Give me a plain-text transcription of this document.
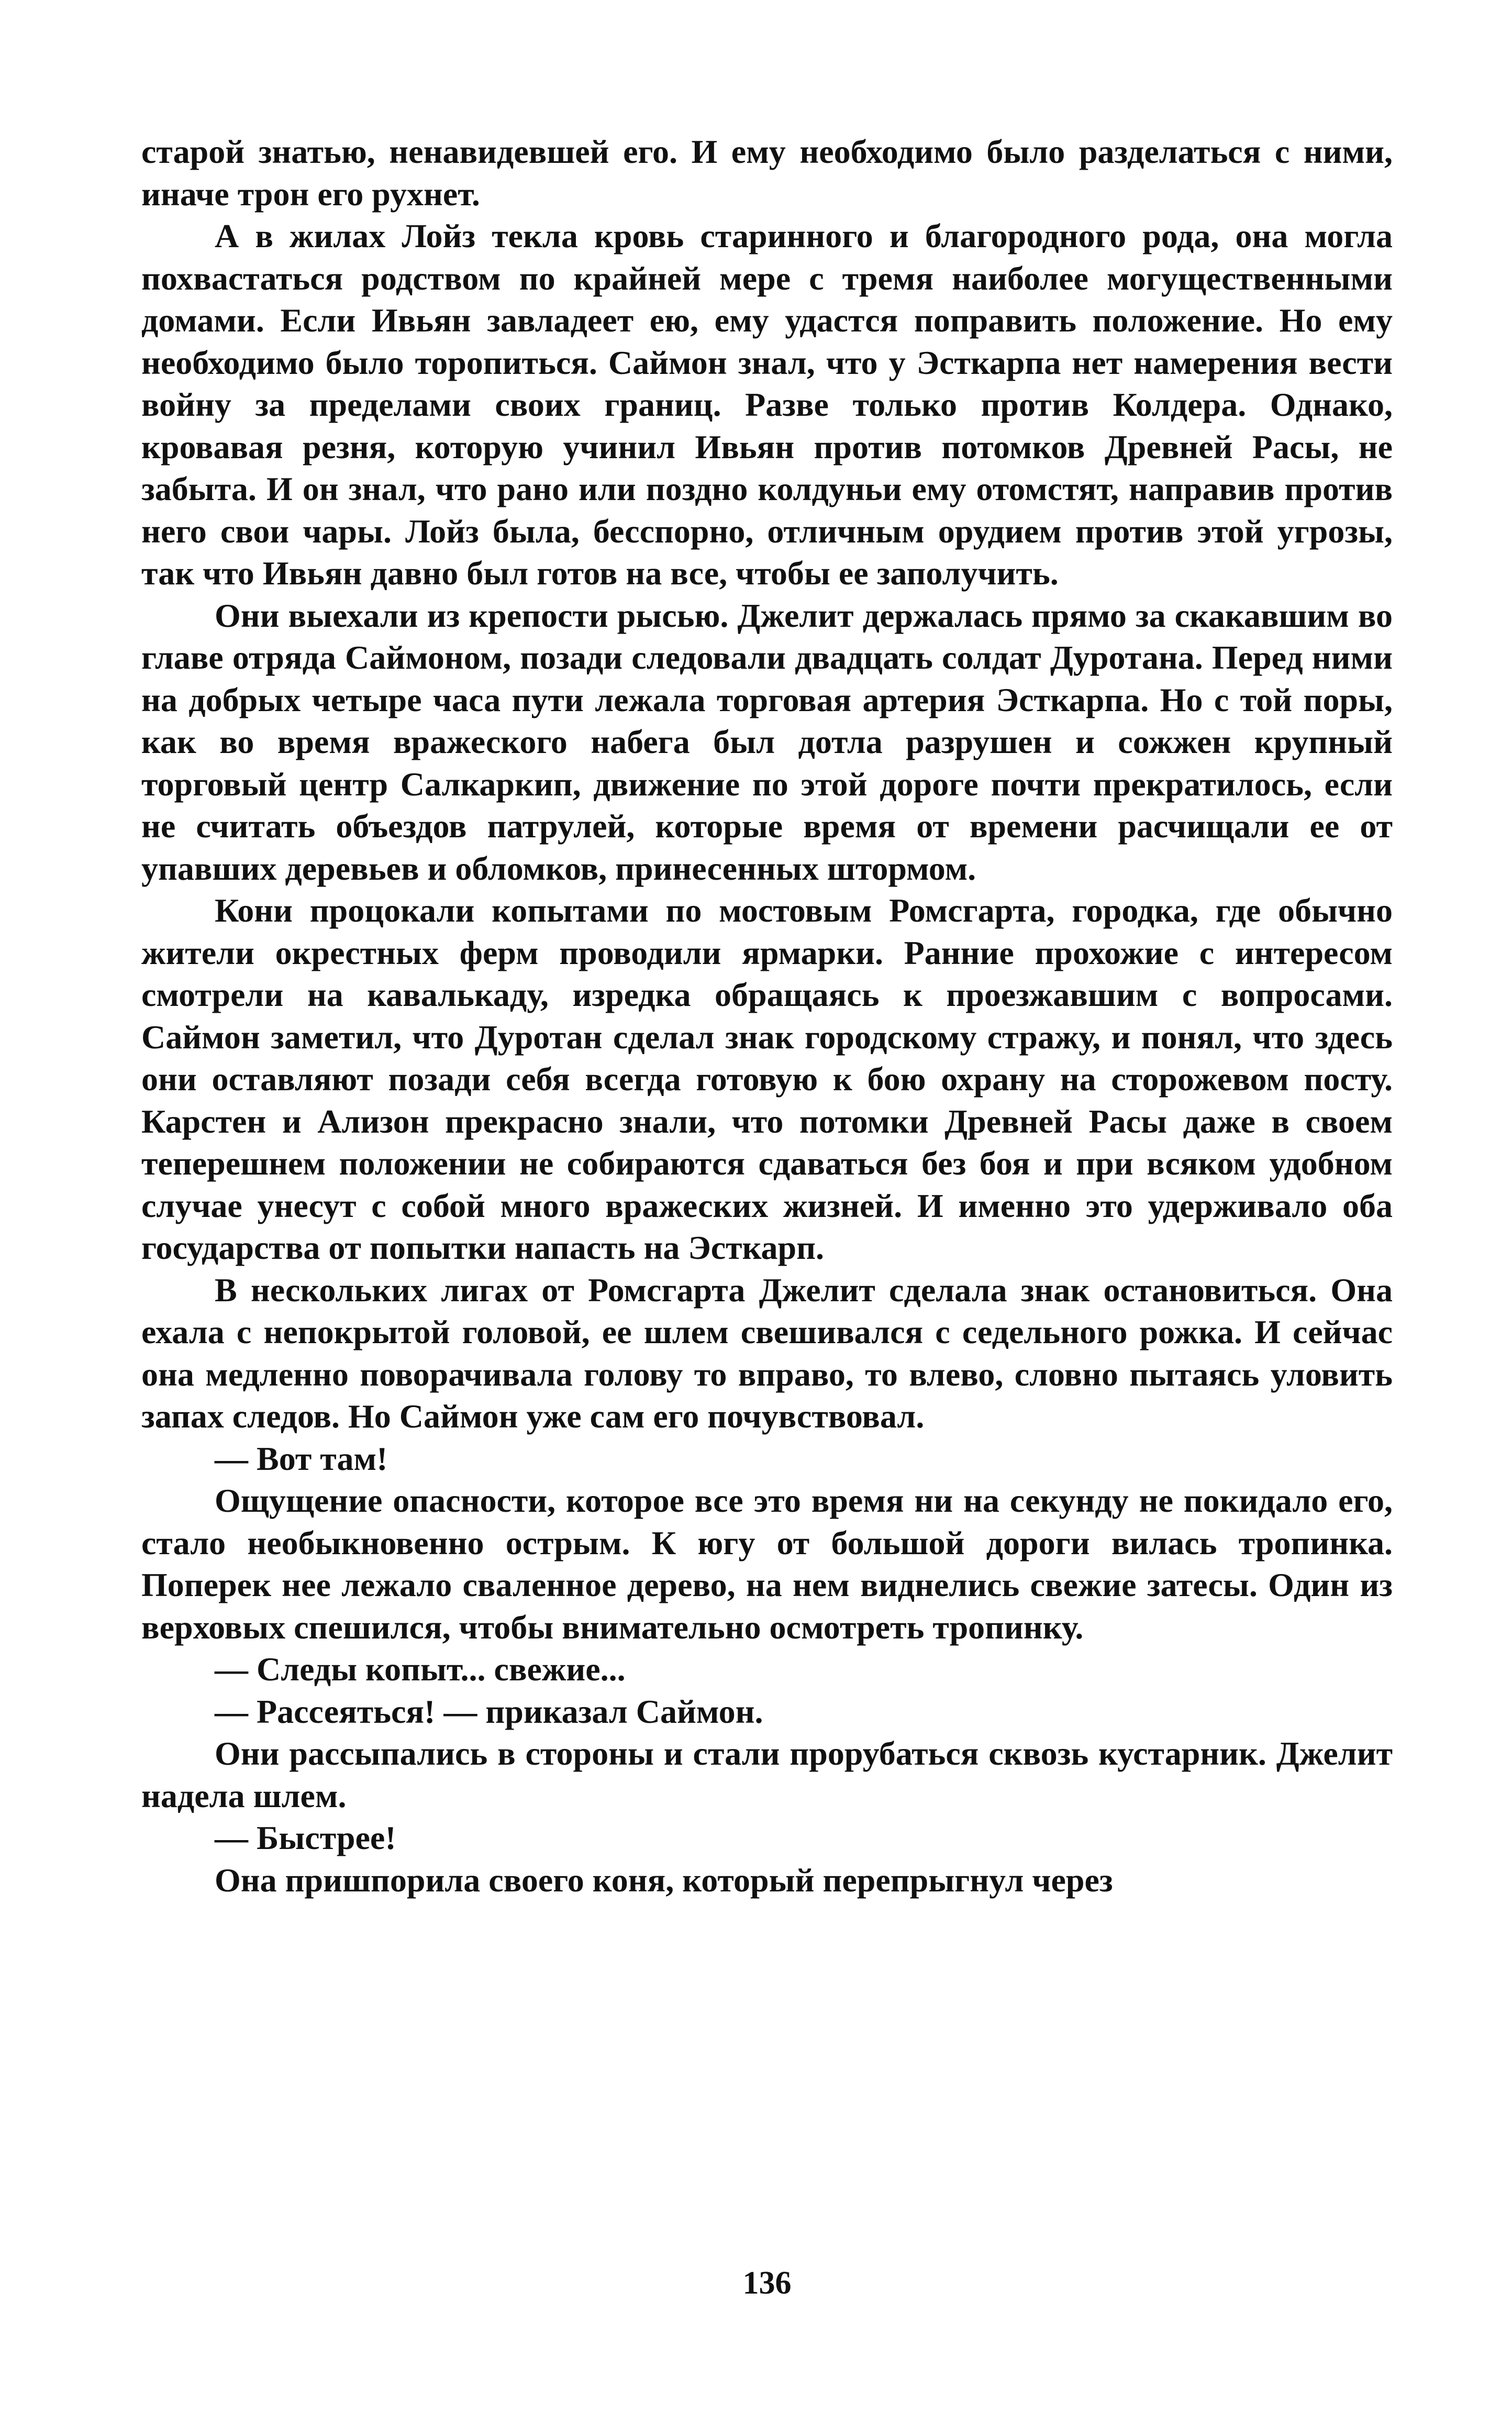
старой знатью, ненавидевшей его. И ему необходимо было разделаться с ними, иначе трон его рухнет.

А в жилах Лойз текла кровь старинного и благородного рода, она могла похвастаться родством по крайней мере с тремя наиболее могущественными домами. Если Ивьян завладеет ею, ему удастся поправить положение. Но ему необходимо было торопиться. Саймон знал, что у Эсткарпа нет намерения вести войну за пределами своих границ. Разве только против Колдера. Однако, кровавая резня, которую учинил Ивьян против потомков Древней Расы, не забыта. И он знал, что рано или поздно колдуньи ему отомстят, направив против него свои чары. Лойз была, бесспорно, отличным орудием против этой угрозы, так что Ивьян давно был готов на все, чтобы ее заполучить.

Они выехали из крепости рысью. Джелит держалась прямо за скакавшим во главе отряда Саймоном, позади следовали двадцать солдат Дуротана. Перед ними на добрых четыре часа пути лежала торговая артерия Эсткарпа. Но с той поры, как во время вражеского набега был дотла разрушен и сожжен крупный торговый центр Салкаркип, движение по этой дороге почти прекратилось, если не считать объездов патрулей, которые время от времени расчищали ее от упавших деревьев и обломков, принесенных штормом.

Кони процокали копытами по мостовым Ромсгарта, городка, где обычно жители окрестных ферм проводили ярмарки. Ранние прохожие с интересом смотрели на кавалькаду, изредка обращаясь к проезжавшим с вопросами. Саймон заметил, что Дуротан сделал знак городскому стражу, и понял, что здесь они оставляют позади себя всегда готовую к бою охрану на сторожевом посту. Карстен и Ализон прекрасно знали, что потомки Древней Расы даже в своем теперешнем положении не собираются сдаваться без боя и при всяком удобном случае унесут с собой много вражеских жизней. И именно это удерживало оба государства от попытки напасть на Эсткарп.

В нескольких лигах от Ромсгарта Джелит сделала знак остановиться. Она ехала с непокрытой головой, ее шлем свешивался с седельного рожка. И сейчас она медленно поворачивала голову то вправо, то влево, словно пытаясь уловить запах следов. Но Саймон уже сам его почувствовал.

— Вот там!

Ощущение опасности, которое все это время ни на секунду не покидало его, стало необыкновенно острым. К югу от большой дороги вилась тропинка. Поперек нее лежало сваленное дерево, на нем виднелись свежие затесы. Один из верховых спешился, чтобы внимательно осмотреть тропинку.

— Следы копыт... свежие...

— Рассеяться! — приказал Саймон.

Они рассыпались в стороны и стали прорубаться сквозь кустарник. Джелит надела шлем.

— Быстрее!

Она пришпорила своего коня, который перепрыгнул через

136
